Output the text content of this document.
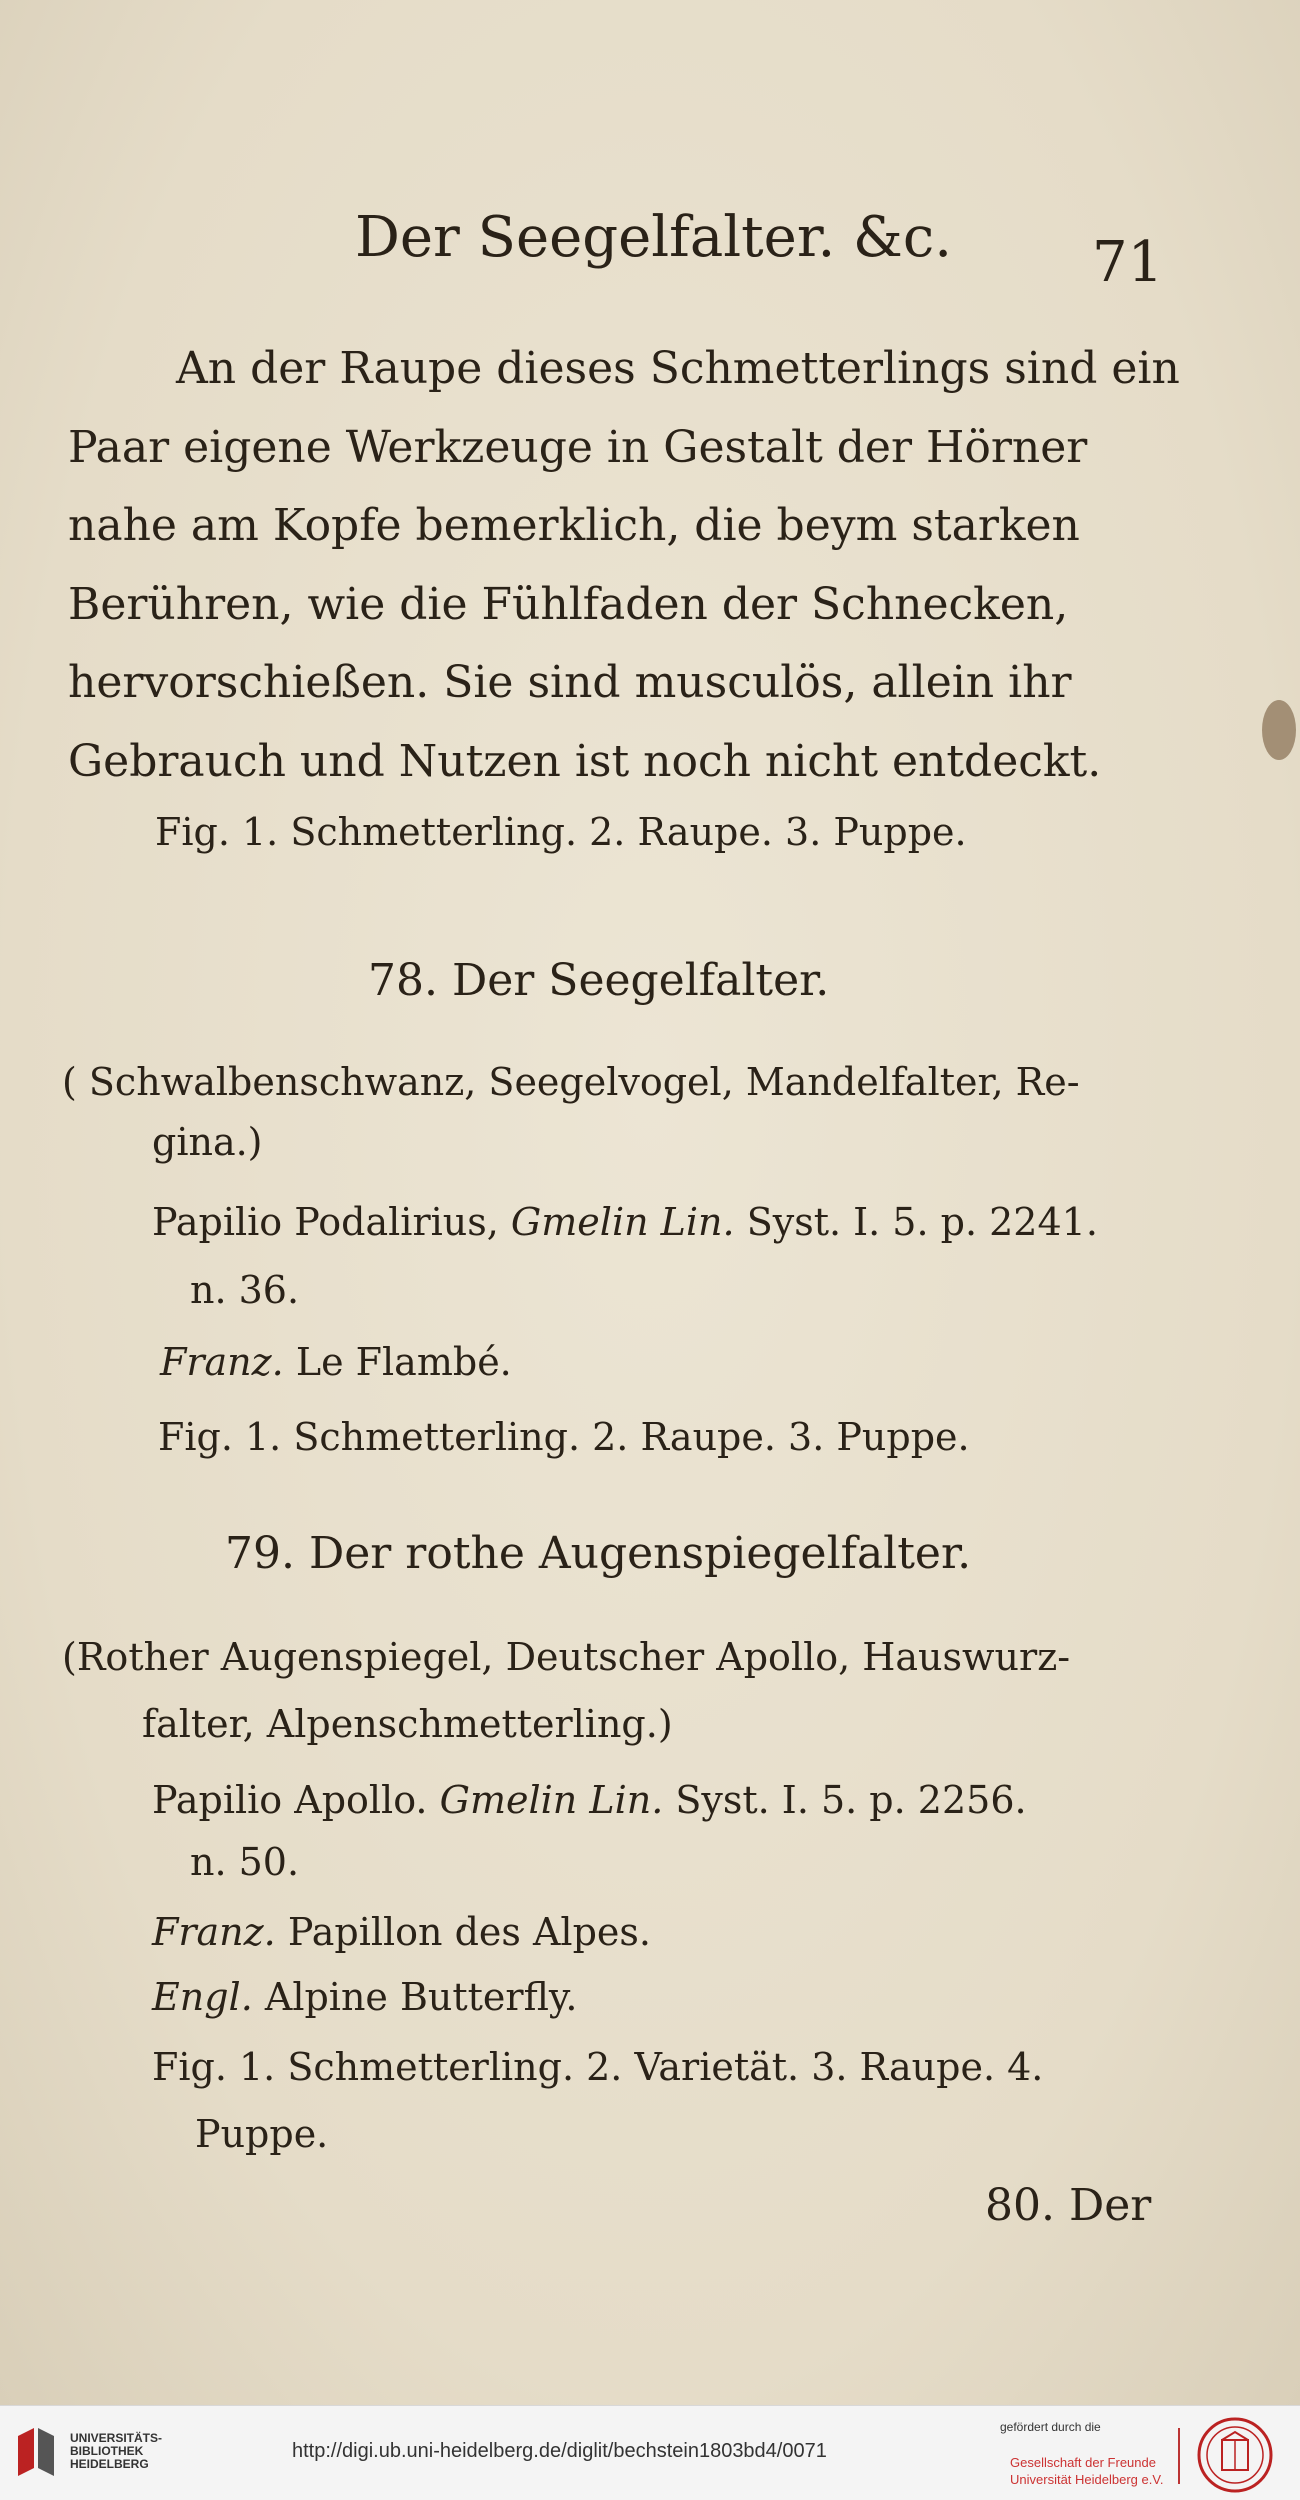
Der Seegelfalter. &c. 71
An der Raupe dieses Schmetterlings sind ein
Paar eigene Werkzeuge in Gestalt der Hörner
nahe am Kopfe bemerklich, die beym starken
Berühren, wie die Fühlfaden der Schnecken,
hervorschießen. Sie sind musculös, allein ihr
Gebrauch und Nutzen ist noch nicht entdeckt.
Fig. 1. Schmetterling. 2. Raupe. 3. Puppe.
78. Der Seegelfalter.
( Schwalbenschwanz, Seegelvogel, Mandelfalter, Re-
gina.)
Papilio Podalirius, Gmelin Lin. Syst. I. 5. p. 2241.
n. 36.
Franz. Le Flambé.
Fig. 1. Schmetterling. 2. Raupe. 3. Puppe.
79. Der rothe Augenspiegelfalter.
(Rother Augenspiegel, Deutscher Apollo, Hauswurz-
falter, Alpenschmetterling.)
Papilio Apollo. Gmelin Lin. Syst. I. 5. p. 2256.
n. 50.
Franz. Papillon des Alpes.
Engl. Alpine Butterfly.
Fig. 1. Schmetterling. 2. Varietät. 3. Raupe. 4.
Puppe.
80. Der
UNIVERSITÄTS-
BIBLIOTHEK
HEIDELBERG
http://digi.ub.uni-heidelberg.de/diglit/bechstein1803bd4/0071
gefördert durch die
Gesellschaft der Freunde
Universität Heidelberg e.V.
